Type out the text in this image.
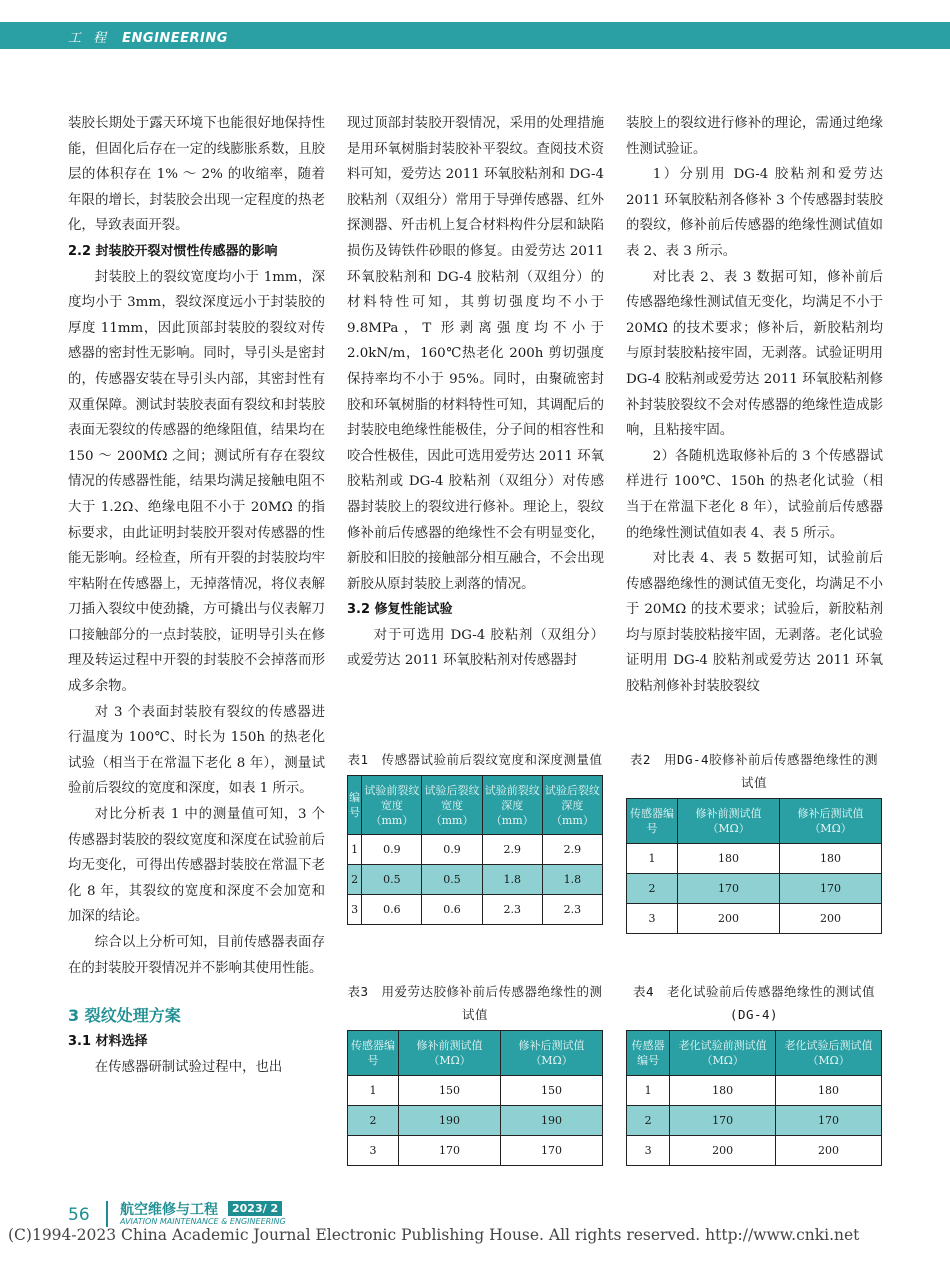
工 程 ENGINEERING

装胶长期处于露天环境下也能很好地保持性能，但固化后存在一定的线膨胀系数，且胶层的体积存在 1% ～ 2% 的收缩率，随着年限的增长，封装胶会出现一定程度的热老化，导致表面开裂。

2.2 封装胶开裂对惯性传感器的影响

封装胶上的裂纹宽度均小于 1mm，深度均小于 3mm，裂纹深度远小于封装胶的厚度 11mm，因此顶部封装胶的裂纹对传感器的密封性无影响。同时，导引头是密封的，传感器安装在导引头内部，其密封性有双重保障。测试封装胶表面有裂纹和封装胶表面无裂纹的传感器的绝缘阻值，结果均在 150 ～ 200MΩ 之间；测试所有存在裂纹情况的传感器性能，结果均满足接触电阻不大于 1.2Ω、绝缘电阻不小于 20MΩ 的指标要求，由此证明封装胶开裂对传感器的性能无影响。经检查，所有开裂的封装胶均牢牢粘附在传感器上，无掉落情况，将仪表解刀插入裂纹中使劲撬，方可撬出与仪表解刀口接触部分的一点封装胶，证明导引头在修理及转运过程中开裂的封装胶不会掉落而形成多余物。

对 3 个表面封装胶有裂纹的传感器进行温度为 100℃、时长为 150h 的热老化试验（相当于在常温下老化 8 年），测量试验前后裂纹的宽度和深度，如表 1 所示。

对比分析表 1 中的测量值可知，3 个传感器封装胶的裂纹宽度和深度在试验前后均无变化，可得出传感器封装胶在常温下老化 8 年，其裂纹的宽度和深度不会加宽和加深的结论。

综合以上分析可知，目前传感器表面存在的封装胶开裂情况并不影响其使用性能。

3 裂纹处理方案

3.1 材料选择

在传感器研制试验过程中，也出

现过顶部封装胶开裂情况，采用的处理措施是用环氧树脂封装胶补平裂纹。查阅技术资料可知，爱劳达 2011 环氧胶粘剂和 DG-4 胶粘剂（双组分）常用于导弹传感器、红外探测器、歼击机上复合材料构件分层和缺陷损伤及铸铁件砂眼的修复。由爱劳达 2011 环氧胶粘剂和 DG-4 胶粘剂（双组分）的材料特性可知，其剪切强度均不小于 9.8MPa，T 形剥离强度均不小于 2.0kN/m，160℃热老化 200h 剪切强度保持率均不小于 95%。同时，由聚硫密封胶和环氧树脂的材料特性可知，其调配后的封装胶电绝缘性能极佳，分子间的相容性和咬合性极佳，因此可选用爱劳达 2011 环氧胶粘剂或 DG-4 胶粘剂（双组分）对传感器封装胶上的裂纹进行修补。理论上，裂纹修补前后传感器的绝缘性不会有明显变化，新胶和旧胶的接触部分相互融合，不会出现新胶从原封装胶上剥落的情况。

3.2 修复性能试验

对于可选用 DG-4 胶粘剂（双组分）或爱劳达 2011 环氧胶粘剂对传感器封

装胶上的裂纹进行修补的理论，需通过绝缘性测试验证。

1）分别用 DG-4 胶粘剂和爱劳达 2011 环氧胶粘剂各修补 3 个传感器封装胶的裂纹，修补前后传感器的绝缘性测试值如表 2、表 3 所示。

对比表 2、表 3 数据可知，修补前后传感器绝缘性测试值无变化，均满足不小于 20MΩ 的技术要求；修补后，新胶粘剂均与原封装胶粘接牢固，无剥落。试验证明用 DG-4 胶粘剂或爱劳达 2011 环氧胶粘剂修补封装胶裂纹不会对传感器的绝缘性造成影响，且粘接牢固。

2）各随机选取修补后的 3 个传感器试样进行 100℃、150h 的热老化试验（相当于在常温下老化 8 年），试验前后传感器的绝缘性测试值如表 4、表 5 所示。

对比表 4、表 5 数据可知，试验前后传感器绝缘性的测试值无变化，均满足不小于 20MΩ 的技术要求；试验后，新胶粘剂均与原封装胶粘接牢固，无剥落。老化试验证明用 DG-4 胶粘剂或爱劳达 2011 环氧胶粘剂修补封装胶裂纹

表1　传感器试验前后裂纹宽度和深度测量值
编号	试验前裂纹宽度（mm）	试验后裂纹宽度（mm）	试验前裂纹深度（mm）	试验后裂纹深度（mm）
1	0.9	0.9	2.9	2.9
2	0.5	0.5	1.8	1.8
3	0.6	0.6	2.3	2.3
表2　用DG-4胶修补前后传感器绝缘性的测试值
传感器编号	修补前测试值（MΩ）	修补后测试值（MΩ）
1	180	180
2	170	170
3	200	200
表3　用爱劳达胶修补前后传感器绝缘性的测试值
传感器编号	修补前测试值（MΩ）	修补后测试值（MΩ）
1	150	150
2	190	190
3	170	170
表4　老化试验前后传感器绝缘性的测试值(DG-4)
传感器编号	老化试验前测试值（MΩ）	老化试验后测试值（MΩ）
1	180	180
2	170	170
3	200	200
56 航空维修与工程	2023/ 2
AVIATION MAINTENANCE & ENGINEERING
(C)1994-2023 China Academic Journal Electronic Publishing House. All rights reserved. http://www.cnki.net
